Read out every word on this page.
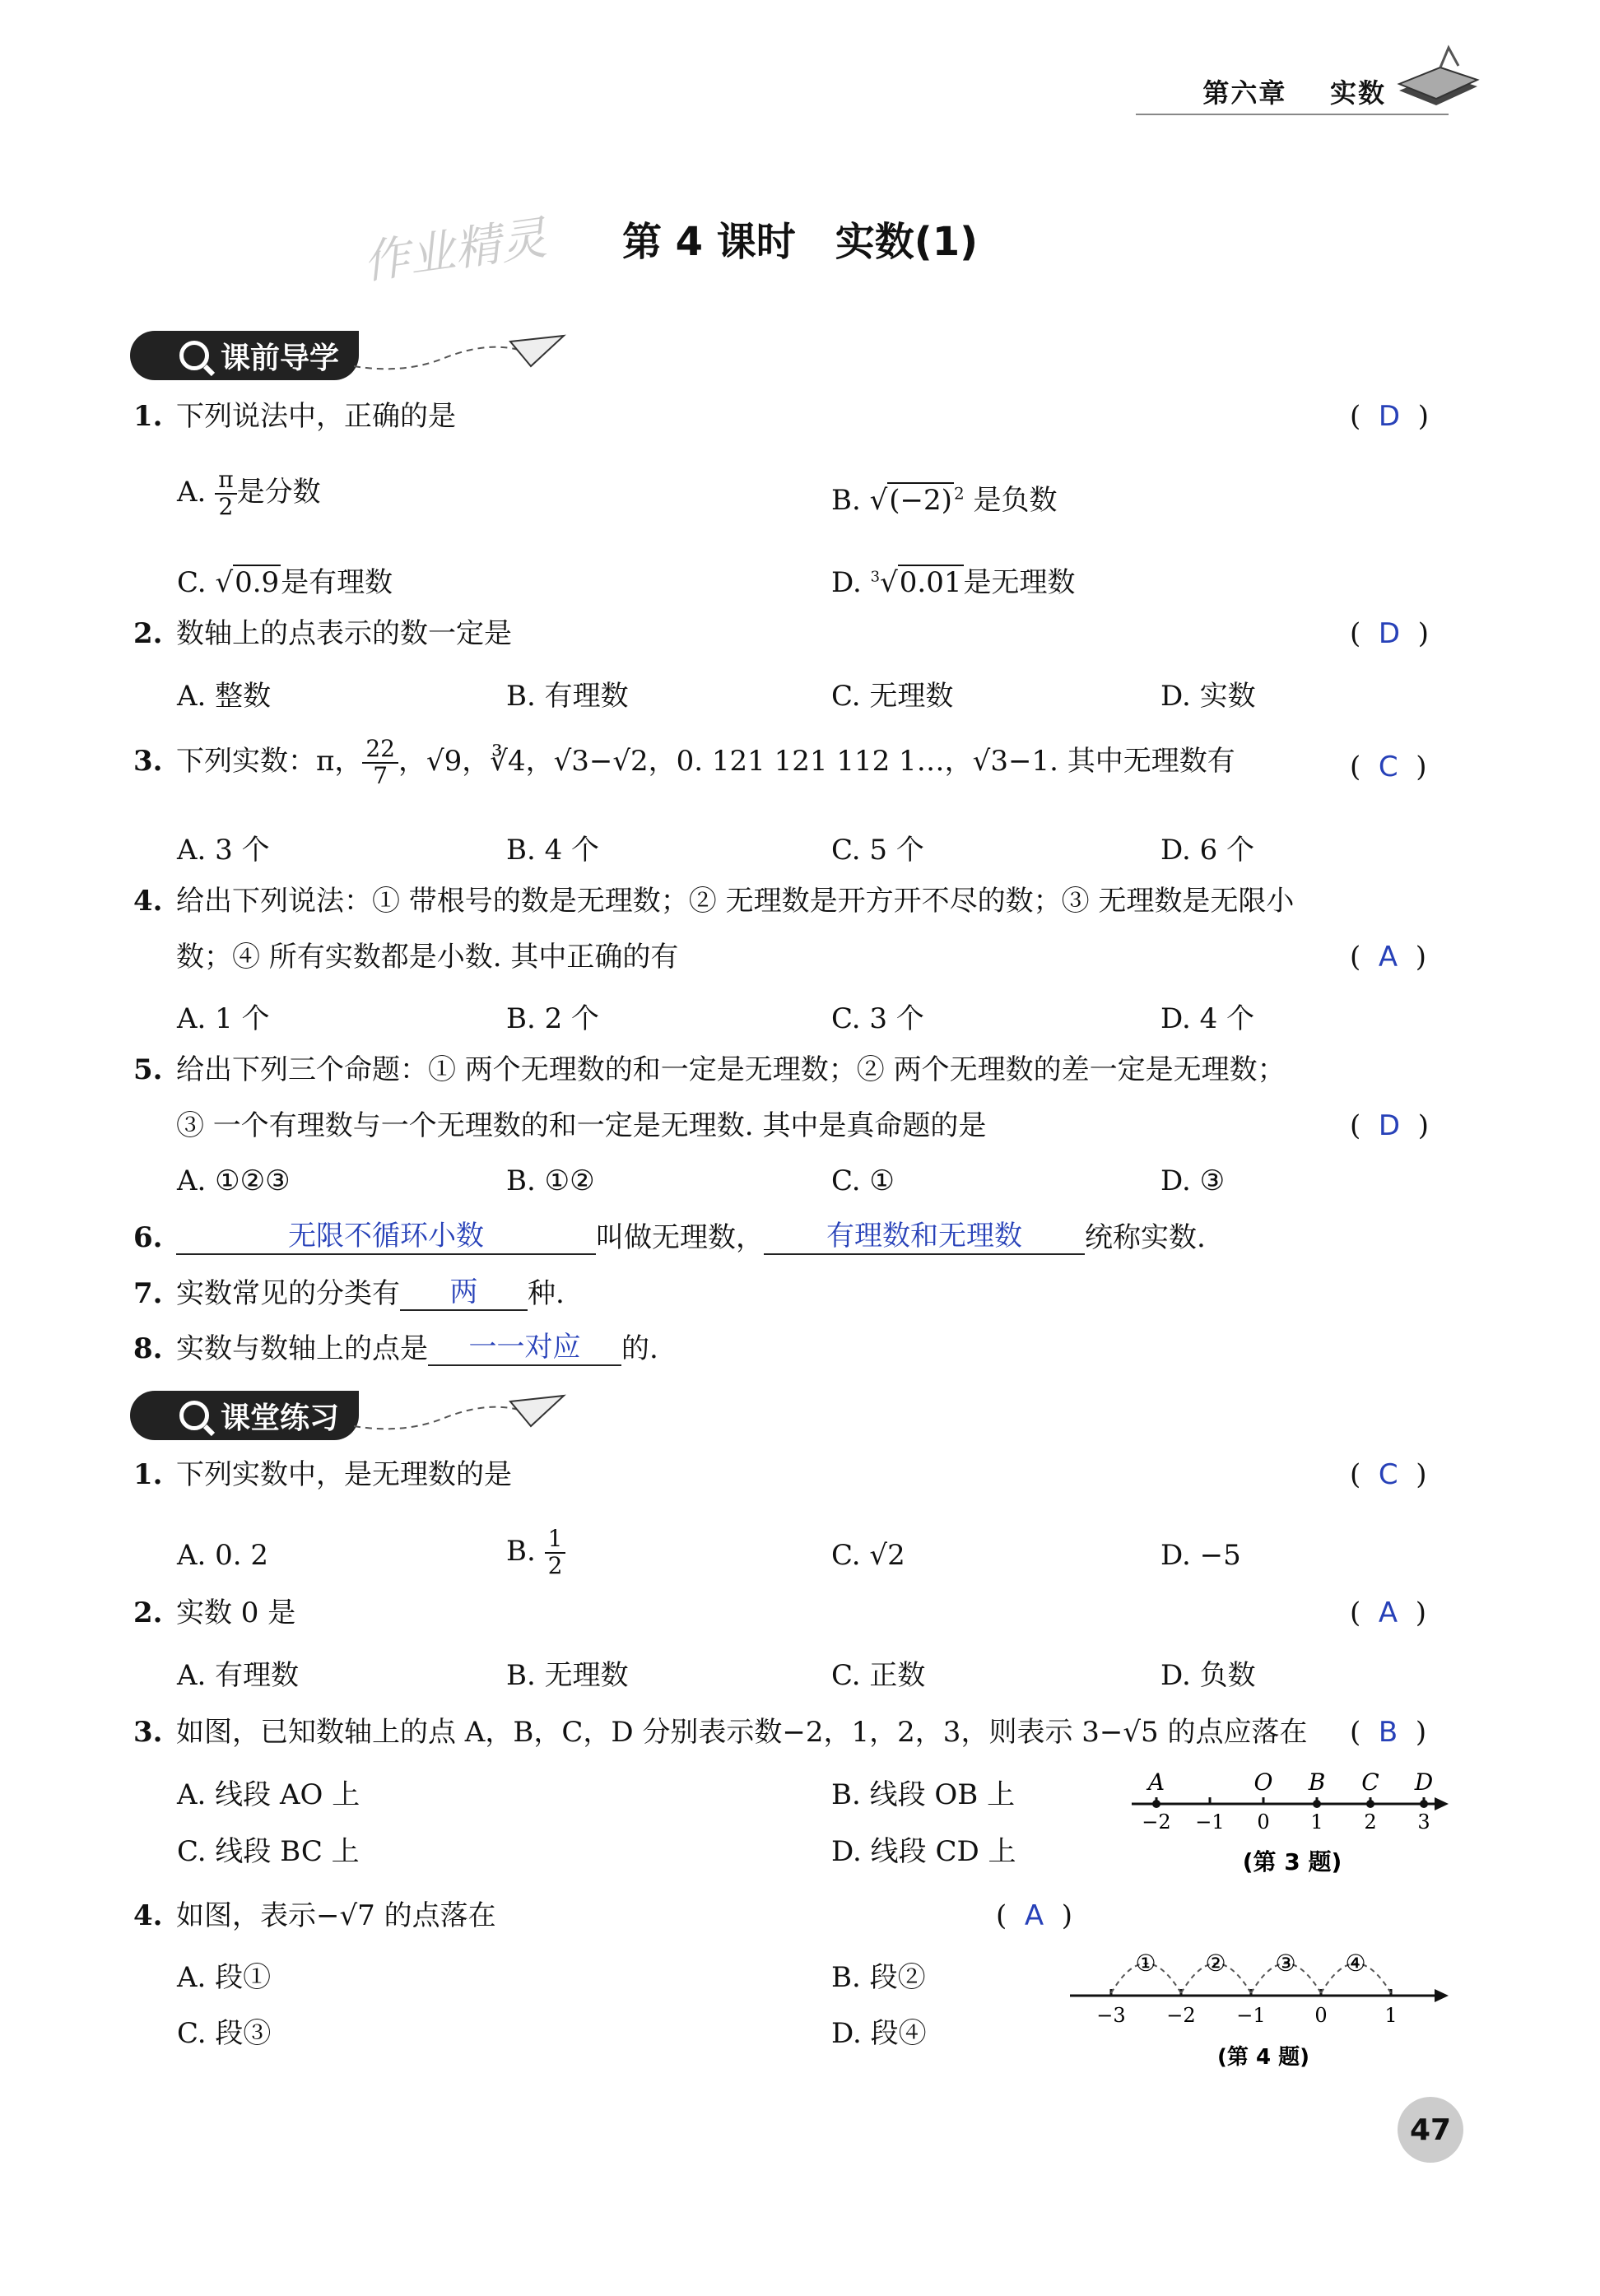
第六章 实数
作业精灵	第 4 课时　实数(1)
课前导学
1. 下列说法中，正确的是	(  D  )
A. $\frac{\pi}{2}$ 是分数	B. √(−2) $^2$ 是负数
C. √0.9是有理数	D. $^3$√0.01是无理数
2. 数轴上的点表示的数一定是	(  D  )
A. 整数	B. 有理数	C. 无理数	D. 实数
3. 下列实数：π， $\frac{22}{7}$ ，√9，∛4，√3−√2，0. 121 121 112 1…，√3−1. 其中无理数有	(  C  )
A. 3 个	B. 4 个	C. 5 个	D. 6 个
4. 给出下列说法：① 带根号的数是无理数；② 无理数是开方开不尽的数；③ 无理数是无限小
数；④ 所有实数都是小数. 其中正确的有	(  A  )
A. 1 个	B. 2 个	C. 3 个	D. 4 个
5. 给出下列三个命题：① 两个无理数的和一定是无理数；② 两个无理数的差一定是无理数；
③ 一个有理数与一个无理数的和一定是无理数. 其中是真命题的是	(  D  )
A. ①②③	B. ①②	C. ①	D. ③
6.	无限不循环小数	叫做无理数， 有理数和无理数 统称实数.
7. 实数常见的分类有 两 种.
8. 实数与数轴上的点是 一一对应 的.
课堂练习
1. 下列实数中，是无理数的是	(  C  )
A. 0. 2	B. $\frac{1}{2}$	C. √2	D. −5
2. 实数 0 是	(  A  )
A. 有理数	B. 无理数	C. 正数	D. 负数
3. 如图，已知数轴上的点 A，B，C，D 分别表示数−2，1，2，3，则表示 3−√5 的点应落在 (  B  )
A. 线段 AO 上	B. 线段 OB 上
C. 线段 BC 上	D. 线段 CD 上
A	O B C D
−2 −1 0 1 2 3
(第 3 题)
4. 如图，表示−√7 的点落在	(  A  )
A. 段①	B. 段②
C. 段③	D. 段④
① ② ③ ④
−3 −2 −1 0	1
(第 4 题)
47
